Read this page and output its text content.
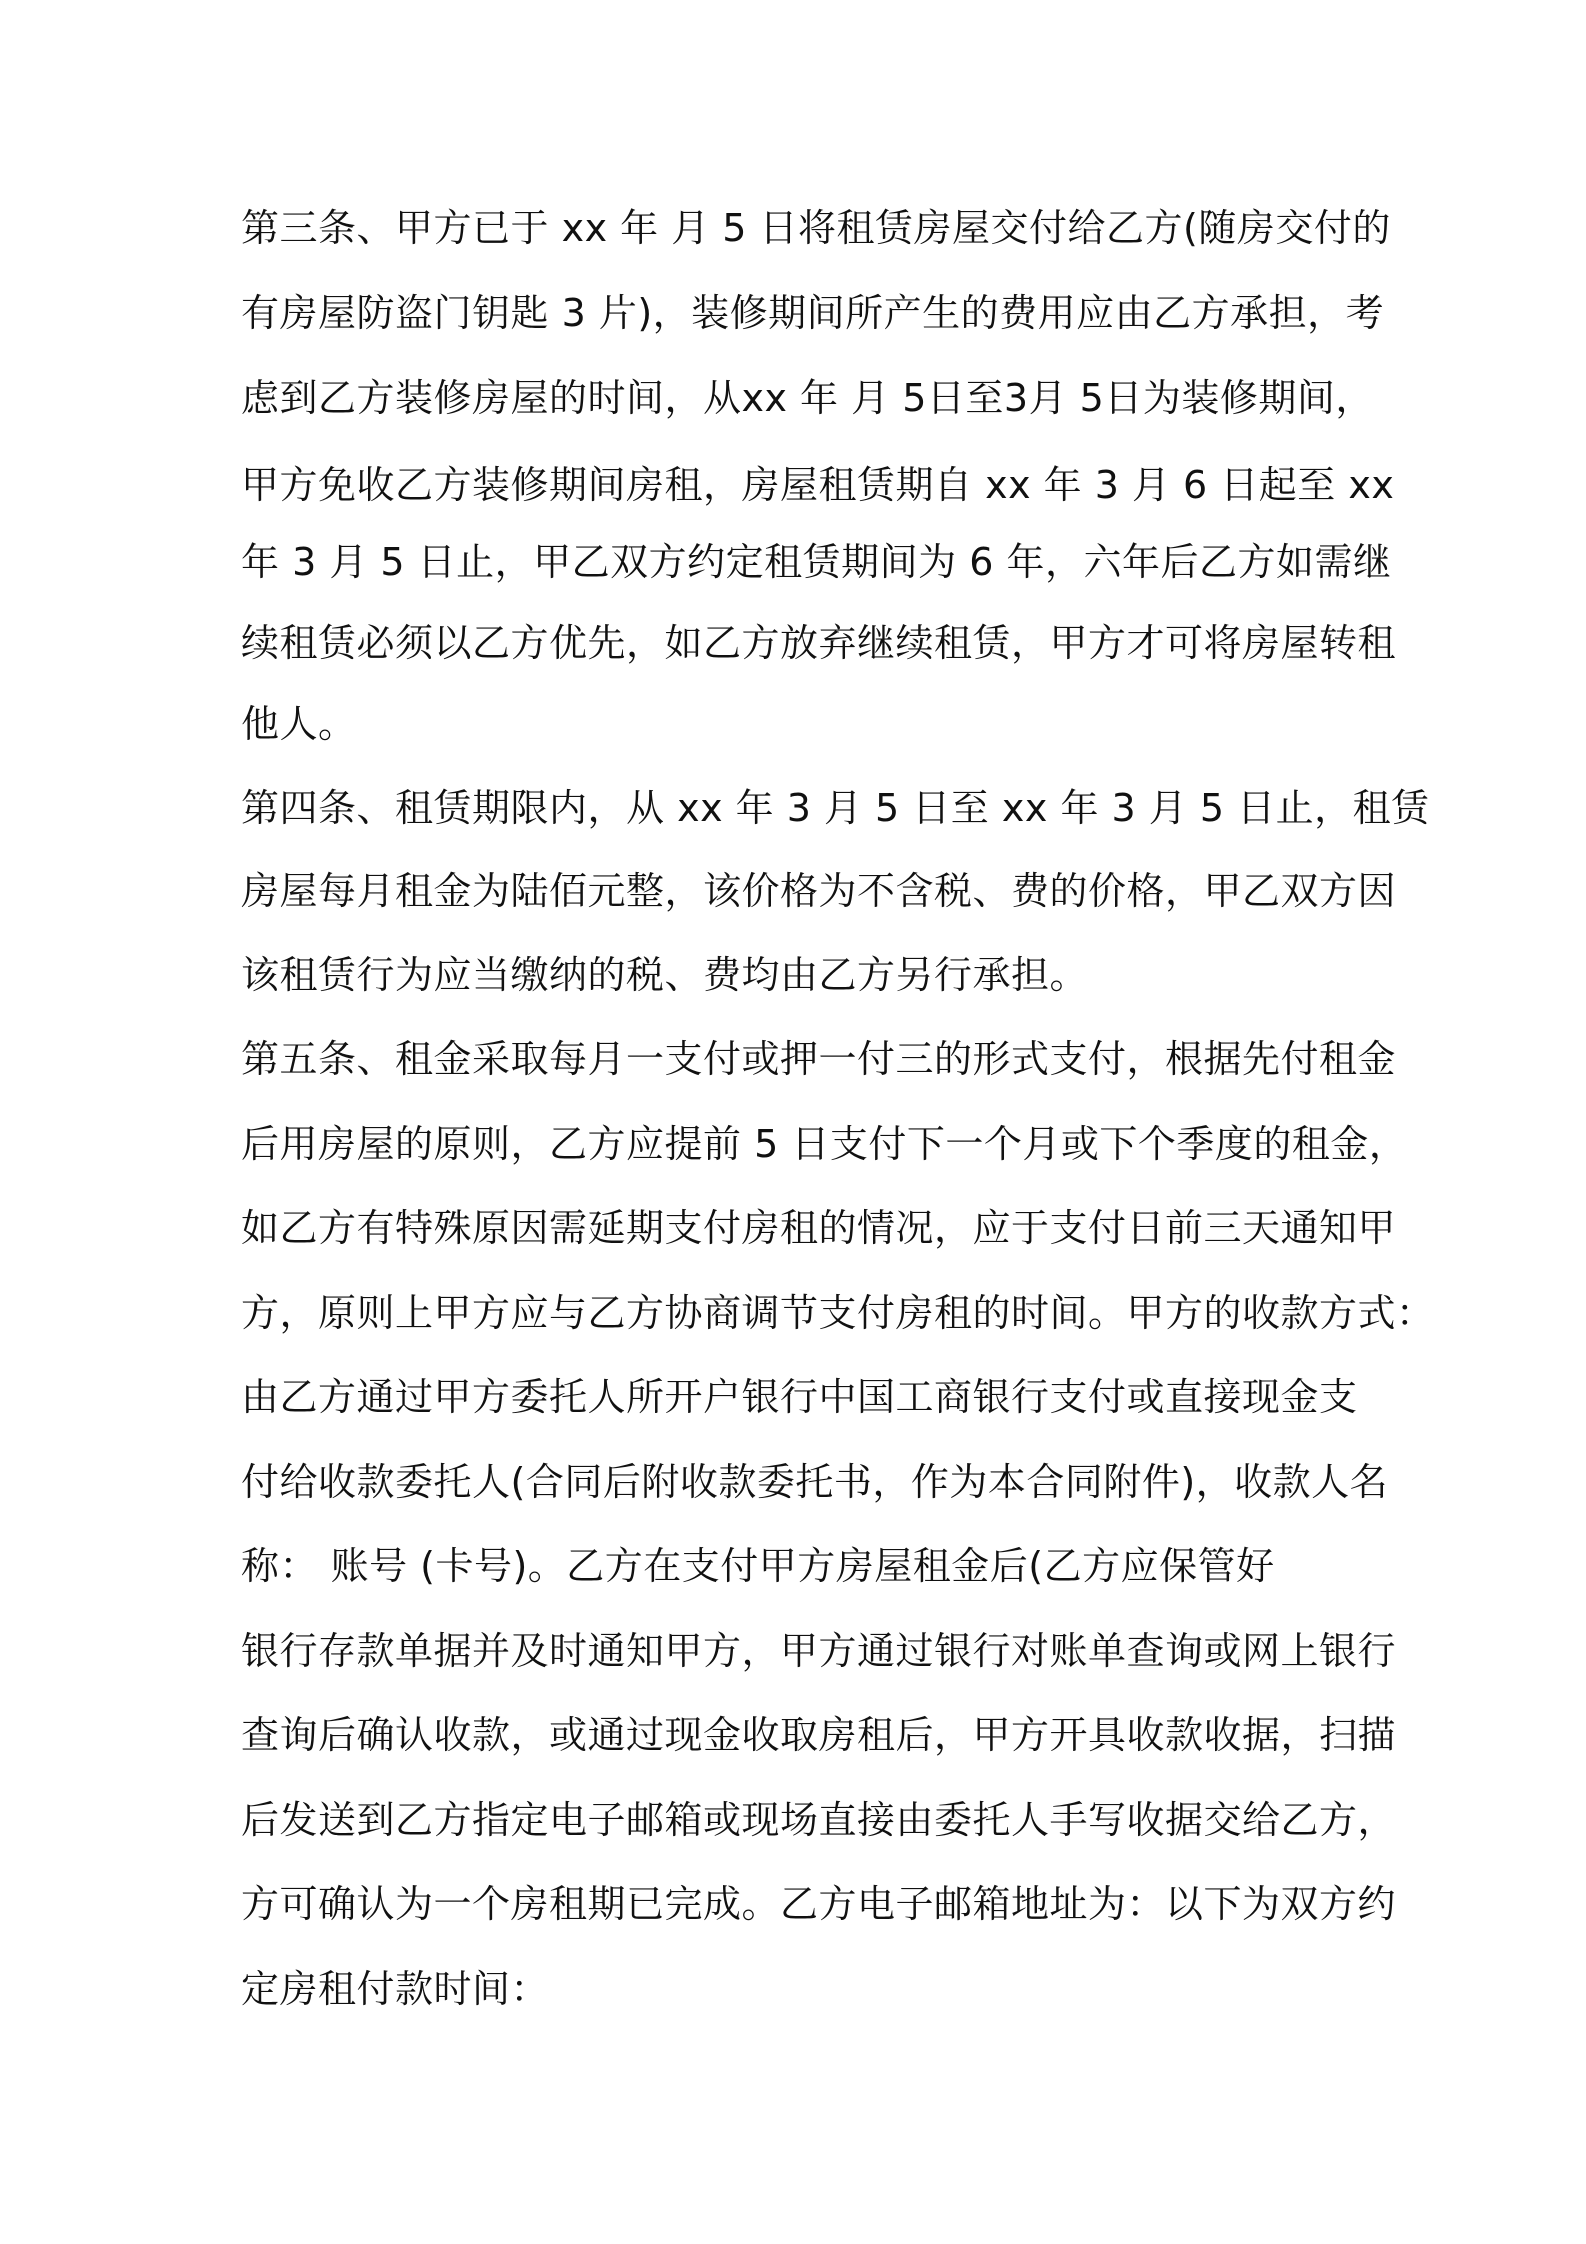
第三条、甲方已于 xx 年 月 5 日将租赁房屋交付给乙方(随房交付的
有房屋防盗门钥匙 3 片)，装修期间所产生的费用应由乙方承担，考
虑到乙方装修房屋的时间，从xx 年 月 5日至3月 5日为装修期间，
甲方免收乙方装修期间房租，房屋租赁期自 xx 年 3 月 6 日起至 xx
年 3 月 5 日止，甲乙双方约定租赁期间为 6 年，六年后乙方如需继
续租赁必须以乙方优先，如乙方放弃继续租赁，甲方才可将房屋转租
他人。
第四条、租赁期限内，从 xx 年 3 月 5 日至 xx 年 3 月 5 日止，租赁
房屋每月租金为陆佰元整，该价格为不含税、费的价格，甲乙双方因
该租赁行为应当缴纳的税、费均由乙方另行承担。
第五条、租金采取每月一支付或押一付三的形式支付，根据先付租金
后用房屋的原则，乙方应提前 5 日支付下一个月或下个季度的租金，
如乙方有特殊原因需延期支付房租的情况，应于支付日前三天通知甲
方，原则上甲方应与乙方协商调节支付房租的时间。甲方的收款方式：
由乙方通过甲方委托人所开户银行中国工商银行支付或直接现金支
付给收款委托人(合同后附收款委托书，作为本合同附件)，收款人名
称： 账号 (卡号)。乙方在支付甲方房屋租金后(乙方应保管好
银行存款单据并及时通知甲方，甲方通过银行对账单查询或网上银行
查询后确认收款，或通过现金收取房租后，甲方开具收款收据，扫描
后发送到乙方指定电子邮箱或现场直接由委托人手写收据交给乙方，
方可确认为一个房租期已完成。乙方电子邮箱地址为：以下为双方约
定房租付款时间：
